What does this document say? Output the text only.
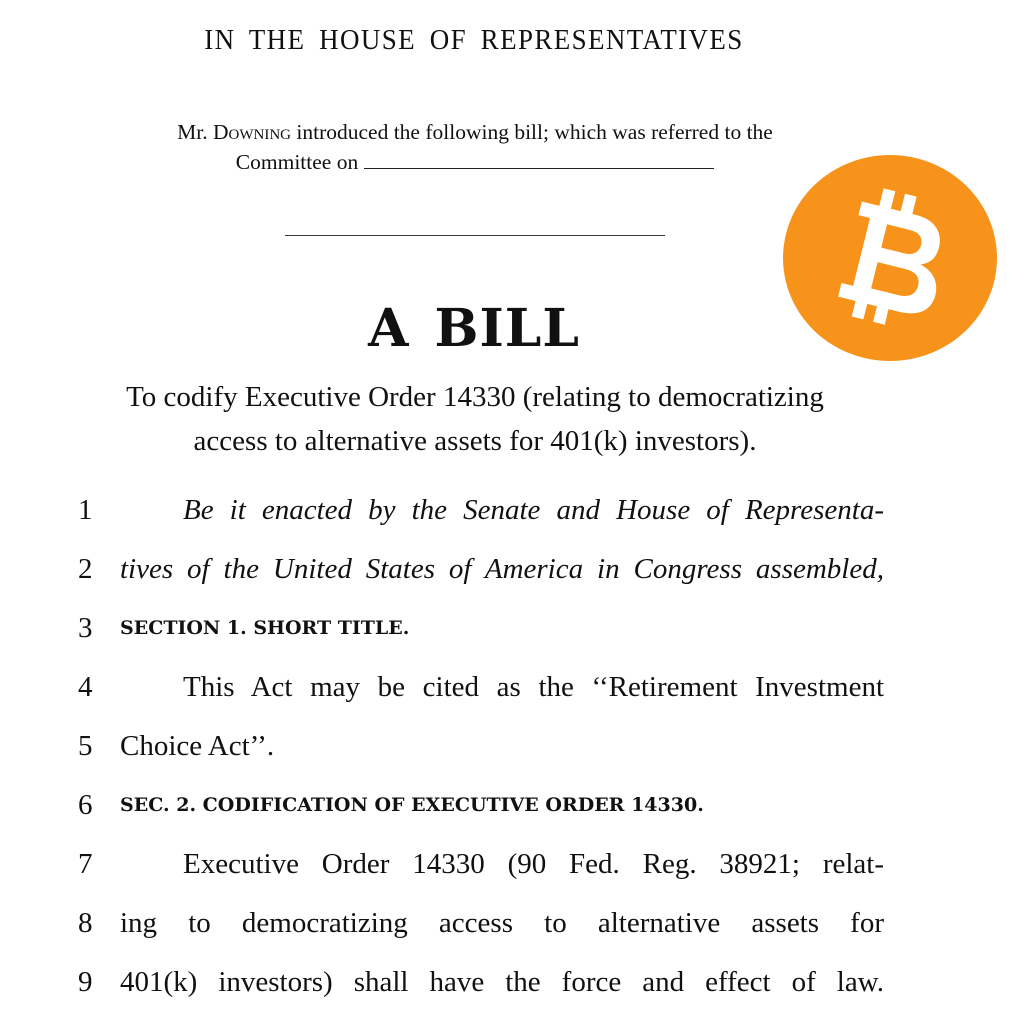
IN THE HOUSE OF REPRESENTATIVES
Mr. Downing introduced the following bill; which was referred to the
Committee on
A BILL
To codify Executive Order 14330 (relating to democratizing
access to alternative assets for 401(k) investors).
1	Be it enacted by the Senate and House of Representa-
2 tives of the United States of America in Congress assembled,
3	SECTION 1. SHORT TITLE.
4	This Act may be cited as the ‘‘Retirement Investment
5 Choice Act’’.
6	SEC. 2. CODIFICATION OF EXECUTIVE ORDER 14330.
7	Executive Order 14330 (90 Fed. Reg. 38921; relat-
8 ing to democratizing access to alternative assets for
9 401(k) investors) shall have the force and effect of law.
